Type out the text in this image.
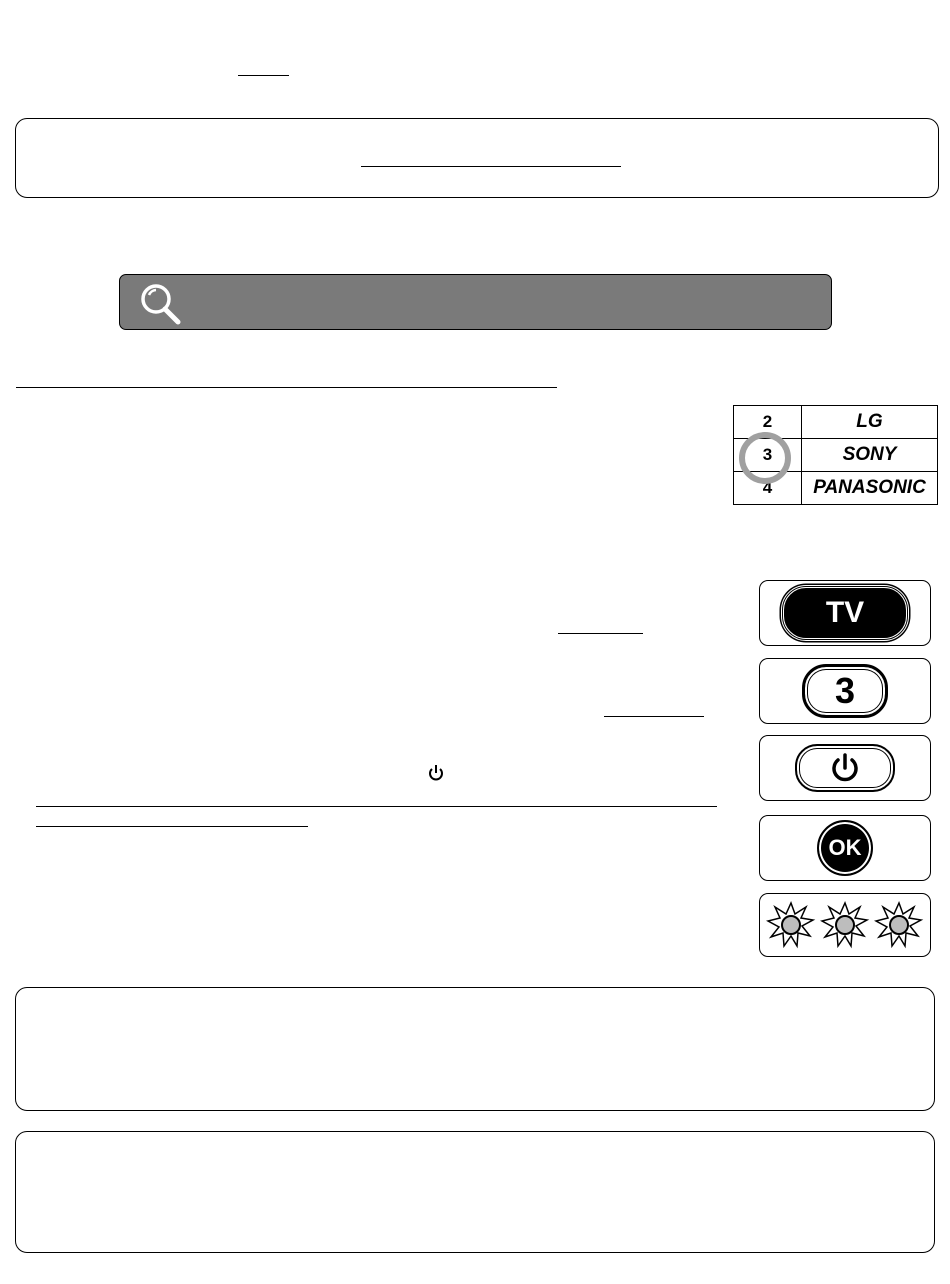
2	LG
3	SONY
4	PANASONIC
TV
3
OK
